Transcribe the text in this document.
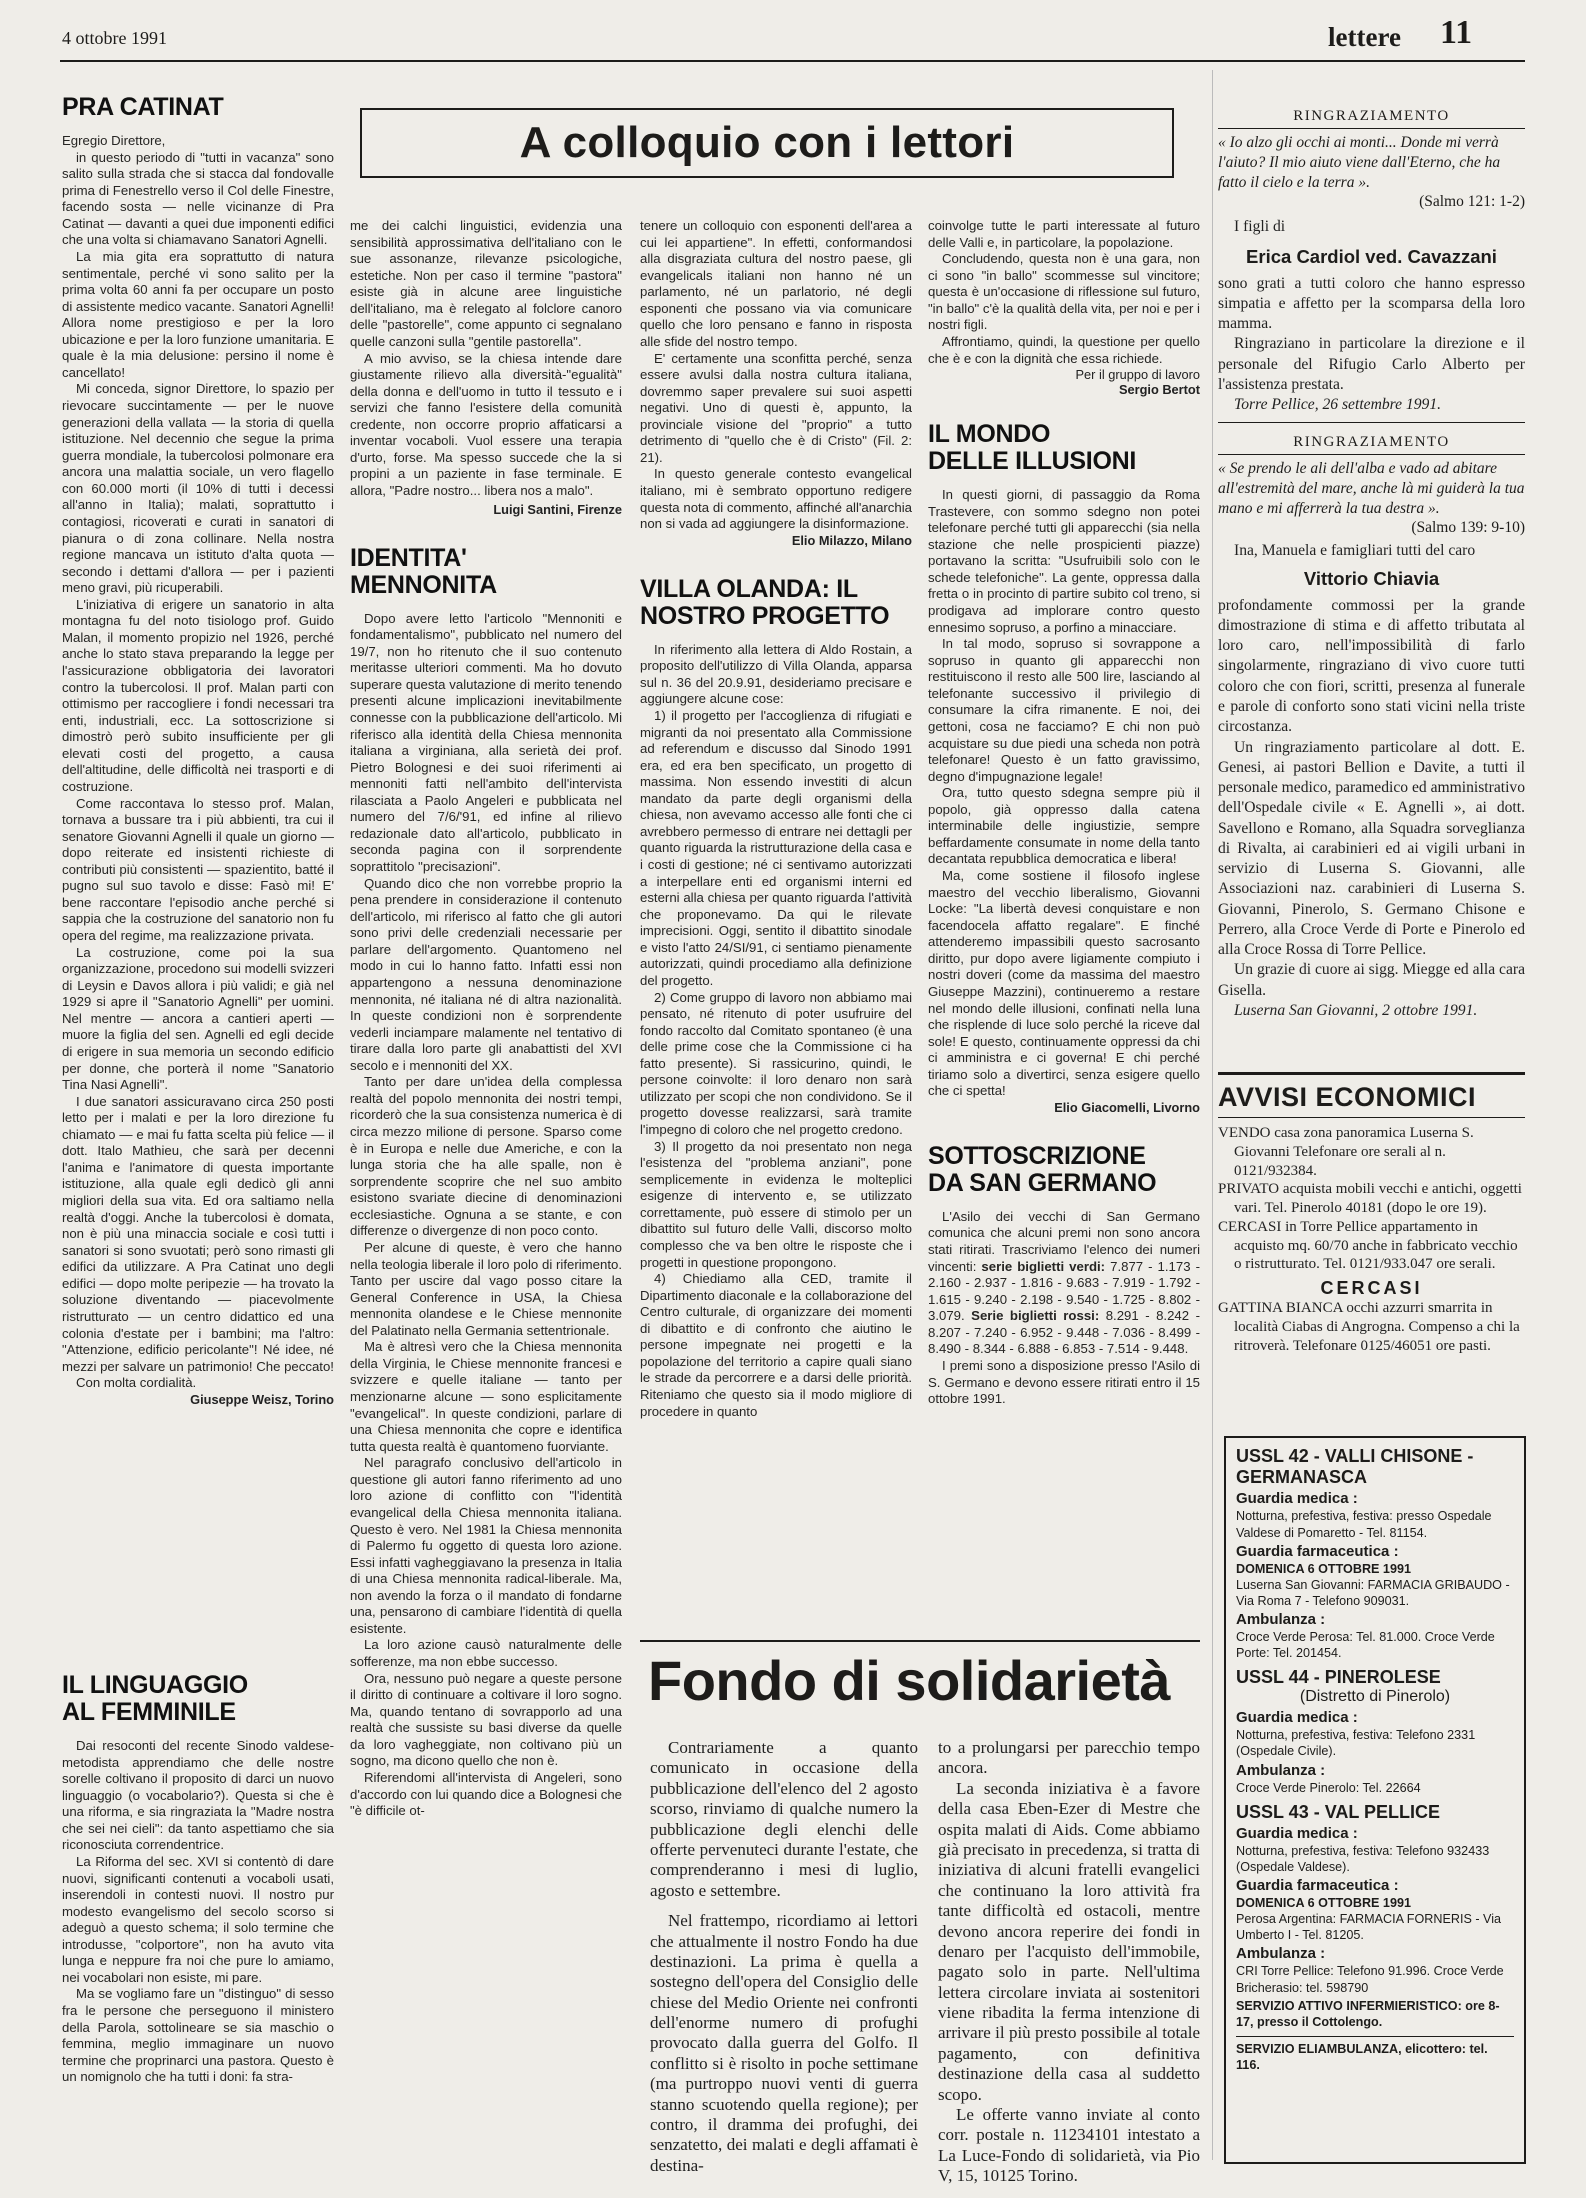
4 ottobre 1991	lettere 11
A colloquio con i lettori
PRA CATINAT

Egregio Direttore,

in questo periodo di "tutti in vacanza" sono salito sulla strada che si stacca dal fondovalle prima di Fenestrello verso il Col delle Finestre, facendo sosta — nelle vicinanze di Pra Catinat — davanti a quei due imponenti edifici che una volta si chiamavano Sanatori Agnelli.

La mia gita era soprattutto di natura sentimentale, perché vi sono salito per la prima volta 60 anni fa per occupare un posto di assistente medico vacante. Sanatori Agnelli! Allora nome prestigioso e per la loro ubicazione e per la loro funzione umanitaria. E quale è la mia delusione: persino il nome è cancellato!

Mi conceda, signor Direttore, lo spazio per rievocare succintamente — per le nuove generazioni della vallata — la storia di quella istituzione. Nel decennio che segue la prima guerra mondiale, la tubercolosi polmonare era ancora una malattia sociale, un vero flagello con 60.000 morti (il 10% di tutti i decessi all'anno in Italia); malati, soprattutto i contagiosi, ricoverati e curati in sanatori di pianura o di zona collinare. Nella nostra regione mancava un istituto d'alta quota — secondo i dettami d'allora — per i pazienti meno gravi, più ricuperabili.

L'iniziativa di erigere un sanatorio in alta montagna fu del noto tisiologo prof. Guido Malan, il momento propizio nel 1926, perché anche lo stato stava preparando la legge per l'assicurazione obbligatoria dei lavoratori contro la tubercolosi. Il prof. Malan parti con ottimismo per raccogliere i fondi necessari tra enti, industriali, ecc. La sottoscrizione si dimostrò però subito insufficiente per gli elevati costi del progetto, a causa dell'altitudine, delle difficoltà nei trasporti e di costruzione.

Come raccontava lo stesso prof. Malan, tornava a bussare tra i più abbienti, tra cui il senatore Giovanni Agnelli il quale un giorno — dopo reiterate ed insistenti richieste di contributi più consistenti — spazientito, batté il pugno sul suo tavolo e disse: Fasò mi! E' bene raccontare l'episodio anche perché si sappia che la costruzione del sanatorio non fu opera del regime, ma realizzazione privata.

La costruzione, come poi la sua organizzazione, procedono sui modelli svizzeri di Leysin e Davos allora i più validi; e già nel 1929 si apre il "Sanatorio Agnelli" per uomini. Nel mentre — ancora a cantieri aperti — muore la figlia del sen. Agnelli ed egli decide di erigere in sua memoria un secondo edificio per donne, che porterà il nome "Sanatorio Tina Nasi Agnelli".

I due sanatori assicuravano circa 250 posti letto per i malati e per la loro direzione fu chiamato — e mai fu fatta scelta più felice — il dott. Italo Mathieu, che sarà per decenni l'anima e l'animatore di questa importante istituzione, alla quale egli dedicò gli anni migliori della sua vita. Ed ora saltiamo nella realtà d'oggi. Anche la tubercolosi è domata, non è più una minaccia sociale e così tutti i sanatori si sono svuotati; però sono rimasti gli edifici da utilizzare. A Pra Catinat uno degli edifici — dopo molte peripezie — ha trovato la soluzione diventando — piacevolmente ristrutturato — un centro didattico ed una colonia d'estate per i bambini; ma l'altro: "Attenzione, edificio pericolante"! Né idee, né mezzi per salvare un patrimonio! Che peccato!

Con molta cordialità.

Giuseppe Weisz, Torino
IL LINGUAGGIO
AL FEMMINILE

Dai resoconti del recente Sinodo valdese-metodista apprendiamo che delle nostre sorelle coltivano il proposito di darci un nuovo linguaggio (o vocabolario?). Questa si che è una riforma, e sia ringraziata la "Madre nostra che sei nei cieli": da tanto aspettiamo che sia riconosciuta correndentrice.

La Riforma del sec. XVI si contentò di dare nuovi, significanti contenuti a vocaboli usati, inserendoli in contesti nuovi. Il nostro pur modesto evangelismo del secolo scorso si adeguò a questo schema; il solo termine che introdusse, "colportore", non ha avuto vita lunga e neppure fra noi che pure lo amiamo, nei vocabolari non esiste, mi pare.

Ma se vogliamo fare un "distinguo" di sesso fra le persone che perseguono il ministero della Parola, sottolineare se sia maschio o femmina, meglio immaginare un nuovo termine che proprinarci una pastora. Questo è un nomignolo che ha tutti i doni: fa stra-

me dei calchi linguistici, evidenzia una sensibilità approssimativa dell'italiano con le sue assonanze, rilevanze psicologiche, estetiche. Non per caso il termine "pastora" esiste già in alcune aree linguistiche dell'italiano, ma è relegato al folclore canoro delle "pastorelle", come appunto ci segnalano quelle canzoni sulla "gentile pastorella".

A mio avviso, se la chiesa intende dare giustamente rilievo alla diversità-"egualità" della donna e dell'uomo in tutto il tessuto e i servizi che fanno l'esistere della comunità credente, non occorre proprio affaticarsi a inventar vocaboli. Vuol essere una terapia d'urto, forse. Ma spesso succede che la si propini a un paziente in fase terminale. E allora, "Padre nostro... libera nos a malo".

Luigi Santini, Firenze
IDENTITA'
MENNONITA

Dopo avere letto l'articolo "Mennoniti e fondamentalismo", pubblicato nel numero del 19/7, non ho ritenuto che il suo contenuto meritasse ulteriori commenti. Ma ho dovuto superare questa valutazione di merito tenendo presenti alcune implicazioni inevitabilmente connesse con la pubblicazione dell'articolo. Mi riferisco alla identità della Chiesa mennonita italiana a virginiana, alla serietà dei prof. Pietro Bolognesi e dei suoi riferimenti ai mennoniti fatti nell'ambito dell'intervista rilasciata a Paolo Angeleri e pubblicata nel numero del 7/6/'91, ed infine al rilievo redazionale dato all'articolo, pubblicato in seconda pagina con il sorprendente soprattitolo "precisazioni".

Quando dico che non vorrebbe proprio la pena prendere in considerazione il contenuto dell'articolo, mi riferisco al fatto che gli autori sono privi delle credenziali necessarie per parlare dell'argomento. Quantomeno nel modo in cui lo hanno fatto. Infatti essi non appartengono a nessuna denominazione mennonita, né italiana né di altra nazionalità. In queste condizioni non è sorprendente vederli inciampare malamente nel tentativo di tirare dalla loro parte gli anabattisti del XVI secolo e i mennoniti del XX.

Tanto per dare un'idea della complessa realtà del popolo mennonita dei nostri tempi, ricorderò che la sua consistenza numerica è di circa mezzo milione di persone. Sparso come è in Europa e nelle due Americhe, e con la lunga storia che ha alle spalle, non è sorprendente scoprire che nel suo ambito esistono svariate diecine di denominazioni ecclesiastiche. Ognuna a se stante, e con differenze o divergenze di non poco conto.

Per alcune di queste, è vero che hanno nella teologia liberale il loro polo di riferimento. Tanto per uscire dal vago posso citare la General Conference in USA, la Chiesa mennonita olandese e le Chiese mennonite del Palatinato nella Germania settentrionale.

Ma è altresì vero che la Chiesa mennonita della Virginia, le Chiese mennonite francesi e svizzere e quelle italiane — tanto per menzionarne alcune — sono esplicitamente "evangelical". In queste condizioni, parlare di una Chiesa mennonita che copre e identifica tutta questa realtà è quantomeno fuorviante.

Nel paragrafo conclusivo dell'articolo in questione gli autori fanno riferimento ad uno loro azione di conflitto con "l'identità evangelical della Chiesa mennonita italiana. Questo è vero. Nel 1981 la Chiesa mennonita di Palermo fu oggetto di questa loro azione. Essi infatti vagheggiavano la presenza in Italia di una Chiesa mennonita radical-liberale. Ma, non avendo la forza o il mandato di fondarne una, pensarono di cambiare l'identità di quella esistente.

La loro azione causò naturalmente delle sofferenze, ma non ebbe successo.

Ora, nessuno può negare a queste persone il diritto di continuare a coltivare il loro sogno. Ma, quando tentano di sovrapporlo ad una realtà che sussiste su basi diverse da quelle da loro vagheggiate, non coltivano più un sogno, ma dicono quello che non è.

Riferendomi all'intervista di Angeleri, sono d'accordo con lui quando dice a Bolognesi che "è difficile ot-

tenere un colloquio con esponenti dell'area a cui lei appartiene". In effetti, conformandosi alla disgraziata cultura del nostro paese, gli evangelicals italiani non hanno né un parlamento, né un parlatorio, né degli esponenti che possano via via comunicare quello che loro pensano e fanno in risposta alle sfide del nostro tempo.

E' certamente una sconfitta perché, senza essere avulsi dalla nostra cultura italiana, dovremmo saper prevalere sui suoi aspetti negativi. Uno di questi è, appunto, la provinciale visione del "proprio" a tutto detrimento di "quello che è di Cristo" (Fil. 2: 21).

In questo generale contesto evangelical italiano, mi è sembrato opportuno redigere questa nota di commento, affinché all'anarchia non si vada ad aggiungere la disinformazione.

Elio Milazzo, Milano
VILLA OLANDA: IL
NOSTRO PROGETTO

In riferimento alla lettera di Aldo Rostain, a proposito dell'utilizzo di Villa Olanda, apparsa sul n. 36 del 20.9.91, desideriamo precisare e aggiungere alcune cose:

1) il progetto per l'accoglienza di rifugiati e migranti da noi presentato alla Commissione ad referendum e discusso dal Sinodo 1991 era, ed era ben specificato, un progetto di massima. Non essendo investiti di alcun mandato da parte degli organismi della chiesa, non avevamo accesso alle fonti che ci avrebbero permesso di entrare nei dettagli per quanto riguarda la ristrutturazione della casa e i costi di gestione; né ci sentivamo autorizzati a interpellare enti ed organismi interni ed esterni alla chiesa per quanto riguarda l'attività che proponevamo. Da qui le rilevate imprecisioni. Oggi, sentito il dibattito sinodale e visto l'atto 24/SI/91, ci sentiamo pienamente autorizzati, quindi procediamo alla definizione del progetto.

2) Come gruppo di lavoro non abbiamo mai pensato, né ritenuto di poter usufruire del fondo raccolto dal Comitato spontaneo (è una delle prime cose che la Commissione ci ha fatto presente). Si rassicurino, quindi, le persone coinvolte: il loro denaro non sarà utilizzato per scopi che non condividono. Se il progetto dovesse realizzarsi, sarà tramite l'impegno di coloro che nel progetto credono.

3) Il progetto da noi presentato non nega l'esistenza del "problema anziani", pone semplicemente in evidenza le molteplici esigenze di intervento e, se utilizzato correttamente, può essere di stimolo per un dibattito sul futuro delle Valli, discorso molto complesso che va ben oltre le risposte che i progetti in questione propongono.

4) Chiediamo alla CED, tramite il Dipartimento diaconale e la collaborazione del Centro culturale, di organizzare dei momenti di dibattito e di confronto che aiutino le persone impegnate nei progetti e la popolazione del territorio a capire quali siano le strade da percorrere e a darsi delle priorità. Riteniamo che questo sia il modo migliore di procedere in quanto

coinvolge tutte le parti interessate al futuro delle Valli e, in particolare, la popolazione.

Concludendo, questa non è una gara, non ci sono "in ballo" scommesse sul vincitore; questa è un'occasione di riflessione sul futuro, "in ballo" c'è la qualità della vita, per noi e per i nostri figli.

Affrontiamo, quindi, la questione per quello che è e con la dignità che essa richiede.

Per il gruppo di lavoro
Sergio Bertot
IL MONDO
DELLE ILLUSIONI

In questi giorni, di passaggio da Roma Trastevere, con sommo sdegno non potei telefonare perché tutti gli apparecchi (sia nella stazione che nelle prospicienti piazze) portavano la scritta: "Usufruibili solo con le schede telefoniche". La gente, oppressa dalla fretta o in procinto di partire subito col treno, si prodigava ad implorare contro questo ennesimo sopruso, a porfino a minacciare.

In tal modo, sopruso si sovrappone a sopruso in quanto gli apparecchi non restituiscono il resto alle 500 lire, lasciando al telefonante successivo il privilegio di consumare la cifra rimanente. E noi, dei gettoni, cosa ne facciamo? E chi non può acquistare su due piedi una scheda non potrà telefonare! Questo è un fatto gravissimo, degno d'impugnazione legale!

Ora, tutto questo sdegna sempre più il popolo, già oppresso dalla catena interminabile delle ingiustizie, sempre beffardamente consumate in nome della tanto decantata repubblica democratica e libera!

Ma, come sostiene il filosofo inglese maestro del vecchio liberalismo, Giovanni Locke: "La libertà devesi conquistare e non facendocela affatto regalare". E finché attenderemo impassibili questo sacrosanto diritto, pur dopo avere ligiamente compiuto i nostri doveri (come da massima del maestro Giuseppe Mazzini), continueremo a restare nel mondo delle illusioni, confinati nella luna che risplende di luce solo perché la riceve dal sole! E questo, continuamente oppressi da chi ci amministra e ci governa! E chi perché tiriamo solo a divertirci, senza esigere quello che ci spetta!

Elio Giacomelli, Livorno
SOTTOSCRIZIONE
DA SAN GERMANO

L'Asilo dei vecchi di San Germano comunica che alcuni premi non sono ancora stati ritirati. Trascriviamo l'elenco dei numeri vincenti: serie biglietti verdi: 7.877 - 1.173 - 2.160 - 2.937 - 1.816 - 9.683 - 7.919 - 1.792 - 1.615 - 9.240 - 2.198 - 9.540 - 1.725 - 8.802 - 3.079. Serie biglietti rossi: 8.291 - 8.242 - 8.207 - 7.240 - 6.952 - 9.448 - 7.036 - 8.499 - 8.490 - 8.344 - 6.888 - 6.853 - 7.514 - 9.448.

I premi sono a disposizione presso l'Asilo di S. Germano e devono essere ritirati entro il 15 ottobre 1991.

Fondo di solidarietà

Contrariamente a quanto comunicato in occasione della pubblicazione dell'elenco del 2 agosto scorso, rinviamo di qualche numero la pubblicazione degli elenchi delle offerte pervenuteci durante l'estate, che comprenderanno i mesi di luglio, agosto e settembre.

Nel frattempo, ricordiamo ai lettori che attualmente il nostro Fondo ha due destinazioni. La prima è quella a sostegno dell'opera del Consiglio delle chiese del Medio Oriente nei confronti dell'enorme numero di profughi provocato dalla guerra del Golfo. Il conflitto si è risolto in poche settimane (ma purtroppo nuovi venti di guerra stanno scuotendo quella regione); per contro, il dramma dei profughi, dei senzatetto, dei malati e degli affamati è destina-

to a prolungarsi per parecchio tempo ancora.

La seconda iniziativa è a favore della casa Eben-Ezer di Mestre che ospita malati di Aids. Come abbiamo già precisato in precedenza, si tratta di iniziativa di alcuni fratelli evangelici che continuano la loro attività fra tante difficoltà ed ostacoli, mentre devono ancora reperire dei fondi in denaro per l'acquisto dell'immobile, pagato solo in parte. Nell'ultima lettera circolare inviata ai sostenitori viene ribadita la ferma intenzione di arrivare il più presto possibile al totale pagamento, con definitiva destinazione della casa al suddetto scopo.

Le offerte vanno inviate al conto corr. postale n. 11234101 intestato a La Luce-Fondo di solidarietà, via Pio V, 15, 10125 Torino.

RINGRAZIAMENTO
« Io alzo gli occhi ai monti... Donde mi verrà l'aiuto? Il mio aiuto viene dall'Eterno, che ha fatto il cielo e la terra ».
(Salmo 121: 1-2)

I figli di

Erica Cardiol ved. Cavazzani

sono grati a tutti coloro che hanno espresso simpatia e affetto per la scomparsa della loro mamma.

Ringraziano in particolare la direzione e il personale del Rifugio Carlo Alberto per l'assistenza prestata.

Torre Pellice, 26 settembre 1991.

RINGRAZIAMENTO
« Se prendo le ali dell'alba e vado ad abitare all'estremità del mare, anche là mi guiderà la tua mano e mi afferrerà la tua destra ».
(Salmo 139: 9-10)

Ina, Manuela e famigliari tutti del caro

Vittorio Chiavia

profondamente commossi per la grande dimostrazione di stima e di affetto tributata al loro caro, nell'impossibilità di farlo singolarmente, ringraziano di vivo cuore tutti coloro che con fiori, scritti, presenza al funerale e parole di conforto sono stati vicini nella triste circostanza.

Un ringraziamento particolare al dott. E. Genesi, ai pastori Bellion e Davite, a tutti il personale medico, paramedico ed amministrativo dell'Ospedale civile « E. Agnelli », ai dott. Savellono e Romano, alla Squadra sorveglianza di Rivalta, ai carabinieri ed ai vigili urbani in servizio di Luserna S. Giovanni, alle Associazioni naz. carabinieri di Luserna S. Giovanni, Pinerolo, S. Germano Chisone e Perrero, alla Croce Verde di Porte e Pinerolo ed alla Croce Rossa di Torre Pellice.

Un grazie di cuore ai sigg. Miegge ed alla cara Gisella.

Luserna San Giovanni, 2 ottobre 1991.

AVVISI ECONOMICI

VENDO casa zona panoramica Luserna S. Giovanni Telefonare ore serali al n. 0121/932384.

PRIVATO acquista mobili vecchi e antichi, oggetti vari. Tel. Pinerolo 40181 (dopo le ore 19).

CERCASI in Torre Pellice appartamento in acquisto mq. 60/70 anche in fabbricato vecchio o ristrutturato. Tel. 0121/933.047 ore serali.

CERCASI

GATTINA BIANCA occhi azzurri smarrita in località Ciabas di Angrogna. Compenso a chi la ritroverà. Telefonare 0125/46051 ore pasti.

USSL 42 - VALLI CHISONE - GERMANASCA
Guardia medica :
Notturna, prefestiva, festiva: presso Ospedale Valdese di Pomaretto - Tel. 81154.
Guardia farmaceutica :
DOMENICA 6 OTTOBRE 1991
Luserna San Giovanni: FARMACIA GRIBAUDO - Via Roma 7 - Telefono 909031.
Ambulanza :
Croce Verde Perosa: Tel. 81.000. Croce Verde Porte: Tel. 201454.
USSL 44 - PINEROLESE
(Distretto di Pinerolo)
Guardia medica :
Notturna, prefestiva, festiva: Telefono 2331 (Ospedale Civile).
Ambulanza :
Croce Verde Pinerolo: Tel. 22664
USSL 43 - VAL PELLICE
Guardia medica :
Notturna, prefestiva, festiva: Telefono 932433 (Ospedale Valdese).
Guardia farmaceutica :
DOMENICA 6 OTTOBRE 1991
Perosa Argentina: FARMACIA FORNERIS - Via Umberto I - Tel. 81205.
Ambulanza :
CRI Torre Pellice: Telefono 91.996. Croce Verde Bricherasio: tel. 598790
SERVIZIO ATTIVO INFERMIERISTICO: ore 8-17, presso il Cottolengo.
SERVIZIO ELIAMBULANZA, elicottero: tel. 116.
